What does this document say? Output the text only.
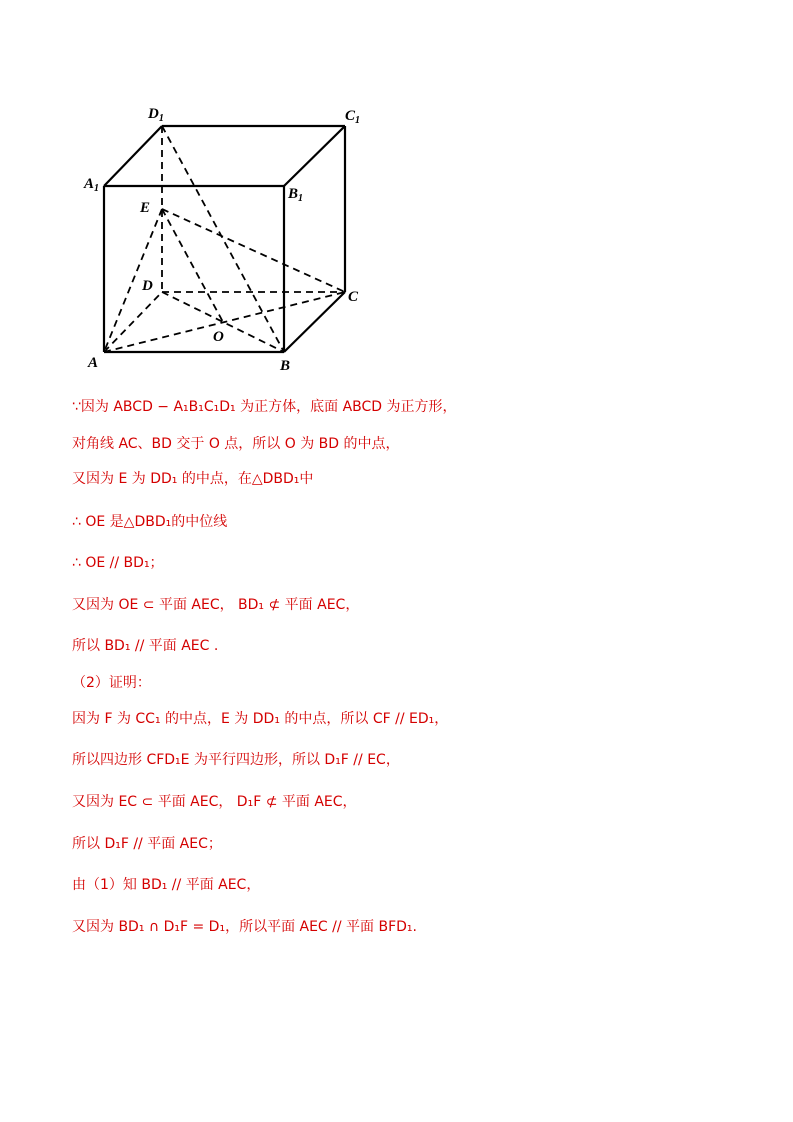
$D_1$	$C_1$
$A_1$	$B_1$
E
D
C
O
A	B
∵因为 ABCD − A₁B₁C₁D₁ 为正方体，底面 ABCD 为正方形，
对角线 AC、BD 交于 O 点，所以 O 为 BD 的中点，
又因为 E 为 DD₁ 的中点，在△DBD₁中
∴ OE 是△DBD₁的中位线
∴ OE // BD₁；
又因为 OE ⊂ 平面 AEC， BD₁ ⊄ 平面 AEC，
所以 BD₁ // 平面 AEC .
（2）证明：
因为 F 为 CC₁ 的中点，E 为 DD₁ 的中点，所以 CF // ED₁，
所以四边形 CFD₁E 为平行四边形，所以 D₁F // EC，
又因为 EC ⊂ 平面 AEC， D₁F ⊄ 平面 AEC，
所以 D₁F // 平面 AEC；
由（1）知 BD₁ // 平面 AEC，
又因为 BD₁ ∩ D₁F = D₁，所以平面 AEC // 平面 BFD₁.
